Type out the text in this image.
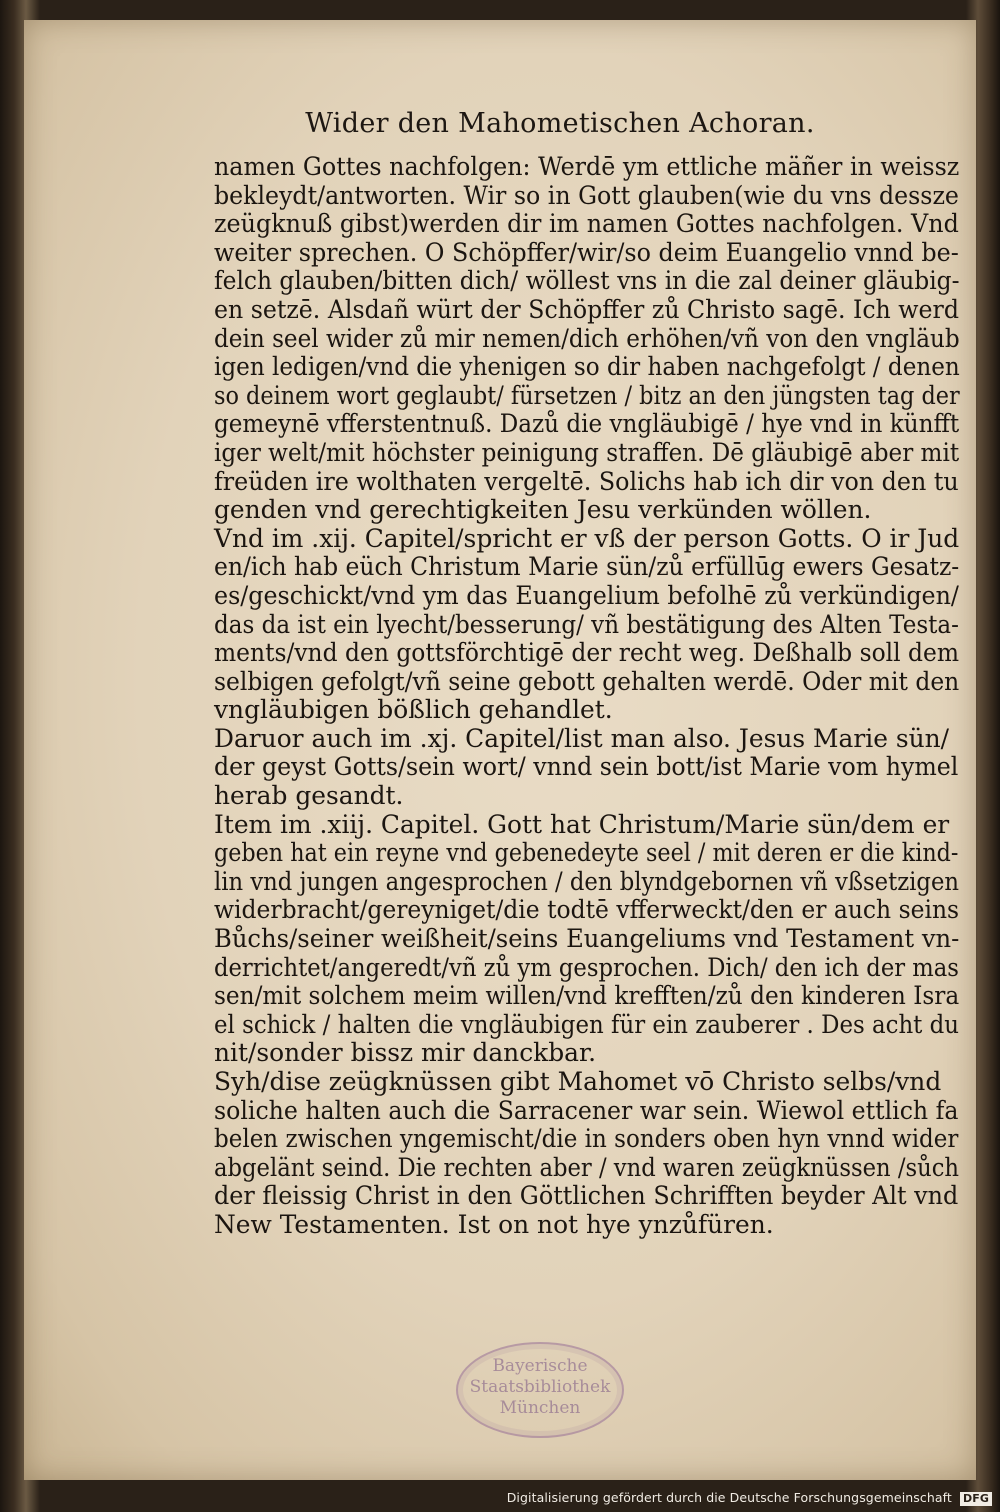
Wider den Mahometischen Achoran.
namen Gottes nachfolgen: Werdē ym ettliche mäñer in weissz
bekleydt/antworten. Wir so in Gott glauben(wie du vns dessze
zeügknuß gibst)werden dir im namen Gottes nachfolgen. Vnd
weiter sprechen. O Schöpffer/wir/so deim Euangelio vnnd be-
felch glauben/bitten dich/ wöllest vns in die zal deiner gläubig-
en setzē. Alsdañ würt der Schöpffer zů Christo sagē. Ich werd
dein seel wider zů mir nemen/dich erhöhen/vñ von den vngläub
igen ledigen/vnd die yhenigen so dir haben nachgefolgt / denen
so deinem wort geglaubt/ fürsetzen / bitz an den jüngsten tag der
gemeynē vfferstentnuß. Dazů die vngläubigē / hye vnd in künfft
iger welt/mit höchster peinigung straffen. Dē gläubigē aber mit
freüden ire wolthaten vergeltē. Solichs hab ich dir von den tu
genden vnd gerechtigkeiten Jesu verkünden wöllen.
Vnd im .xij. Capitel/spricht er vß der person Gotts. O ir Jud
en/ich hab eüch Christum Marie sün/zů erfüllūg ewers Gesatz-
es/geschickt/vnd ym das Euangelium befolhē zů verkündigen/
das da ist ein lyecht/besserung/ vñ bestätigung des Alten Testa-
ments/vnd den gottsförchtigē der recht weg. Deßhalb soll dem
selbigen gefolgt/vñ seine gebott gehalten werdē. Oder mit den
vngläubigen bößlich gehandlet.
Daruor auch im .xj. Capitel/list man also. Jesus Marie sün/
der geyst Gotts/sein wort/ vnnd sein bott/ist Marie vom hymel
herab gesandt.
Item im .xiij. Capitel. Gott hat Christum/Marie sün/dem er
geben hat ein reyne vnd gebenedeyte seel / mit deren er die kind-
lin vnd jungen angesprochen / den blyndgebornen vñ vßsetzigen
widerbracht/gereyniget/die todtē vfferweckt/den er auch seins
Bůchs/seiner weißheit/seins Euangeliums vnd Testament vn-
derrichtet/angeredt/vñ zů ym gesprochen. Dich/ den ich der mas
sen/mit solchem meim willen/vnd krefften/zů den kinderen Isra
el schick / halten die vngläubigen für ein zauberer . Des acht du
nit/sonder bissz mir danckbar.
Syh/dise zeügknüssen gibt Mahomet vō Christo selbs/vnd
soliche halten auch die Sarracener war sein. Wiewol ettlich fa
belen zwischen yngemischt/die in sonders oben hyn vnnd wider
abgelänt seind. Die rechten aber / vnd waren zeügknüssen /sůch
der fleissig Christ in den Göttlichen Schrifften beyder Alt vnd
New Testamenten. Ist on not hye ynzůfüren.
Bayerische
Staatsbibliothek
München
Digitalisierung gefördert durch die Deutsche Forschungsgemeinschaft DFG
